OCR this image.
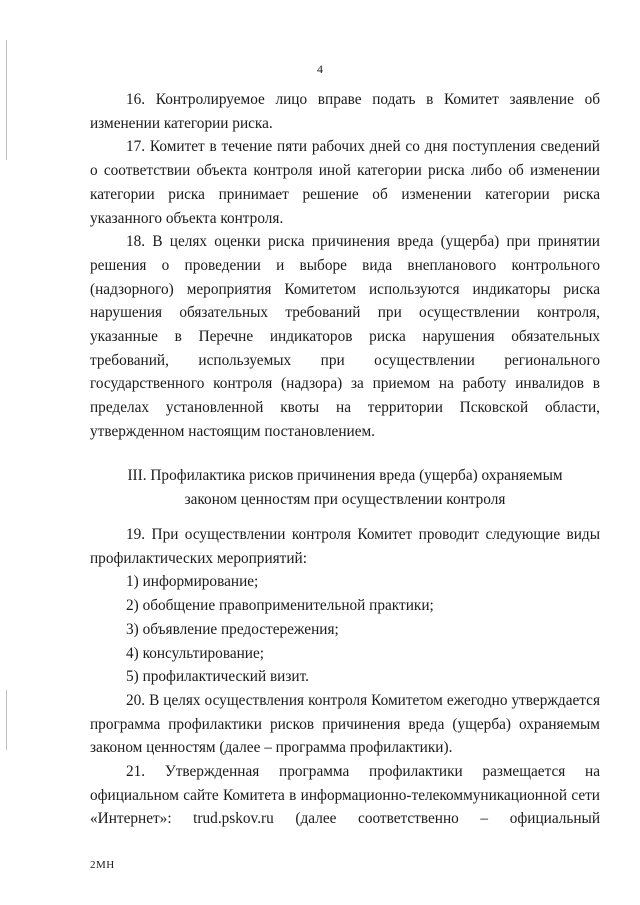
4

16. Контролируемое лицо вправе подать в Комитет заявление об изменении категории риска.

17. Комитет в течение пяти рабочих дней со дня поступления сведений о соответствии объекта контроля иной категории риска либо об изменении категории риска принимает решение об изменении категории риска указанного объекта контроля.

18. В целях оценки риска причинения вреда (ущерба) при принятии решения о проведении и выборе вида внепланового контрольного (надзорного) мероприятия Комитетом используются индикаторы риска нарушения обязательных требований при осуществлении контроля, указанные в Перечне индикаторов риска нарушения обязательных требований, используемых при осуществлении регионального государственного контроля (надзора) за приемом на работу инвалидов в пределах установленной квоты на территории Псковской области, утвержденном настоящим постановлением.

III. Профилактика рисков причинения вреда (ущерба) охраняемым
законом ценностям при осуществлении контроля

19. При осуществлении контроля Комитет проводит следующие виды профилактических мероприятий:

1) информирование;

2) обобщение правоприменительной практики;

3) объявление предостережения;

4) консультирование;

5) профилактический визит.

20. В целях осуществления контроля Комитетом ежегодно утверждается программа профилактики рисков причинения вреда (ущерба) охраняемым законом ценностям (далее – программа профилактики).

21. Утвержденная программа профилактики размещается на официальном сайте Комитета в информационно-телекоммуникационной сети «Интернет»: trud.pskov.ru (далее соответственно – официальный

2МН
